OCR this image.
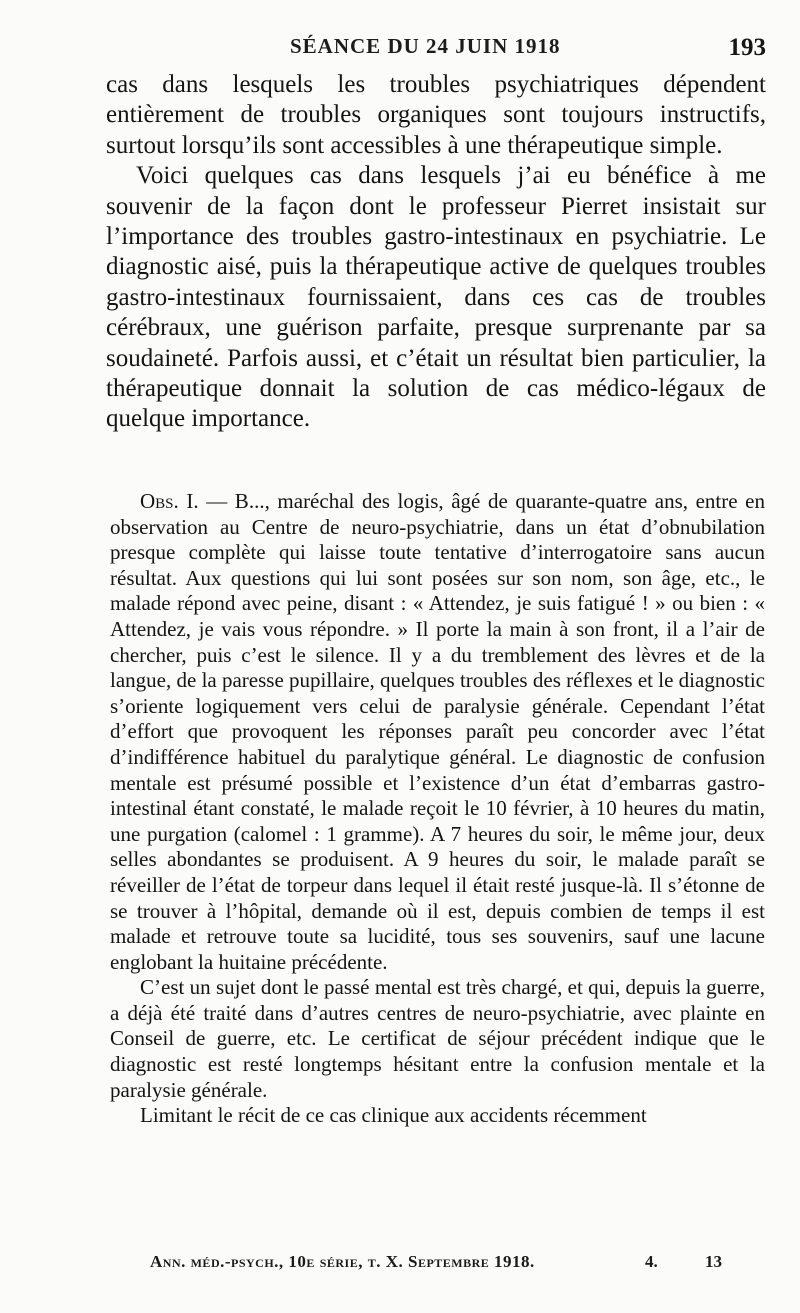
SÉANCE DU 24 JUIN 1918	193

cas dans lesquels les troubles psychiatriques dépendent entièrement de troubles organiques sont toujours instructifs, surtout lorsqu’ils sont accessibles à une thérapeutique simple.

Voici quelques cas dans lesquels j’ai eu bénéfice à me souvenir de la façon dont le professeur Pierret insistait sur l’importance des troubles gastro-intestinaux en psychiatrie. Le diagnostic aisé, puis la thérapeutique active de quelques troubles gastro-intestinaux fournissaient, dans ces cas de troubles cérébraux, une guérison parfaite, presque surprenante par sa soudaineté. Parfois aussi, et c’était un résultat bien particulier, la thérapeutique donnait la solution de cas médico-légaux de quelque importance.

Obs. I. — B..., maréchal des logis, âgé de quarante-quatre ans, entre en observation au Centre de neuro-psychiatrie, dans un état d’obnubilation presque complète qui laisse toute tentative d’interrogatoire sans aucun résultat. Aux questions qui lui sont posées sur son nom, son âge, etc., le malade répond avec peine, disant : « Attendez, je suis fatigué ! » ou bien : « Attendez, je vais vous répondre. » Il porte la main à son front, il a l’air de chercher, puis c’est le silence. Il y a du tremblement des lèvres et de la langue, de la paresse pupillaire, quelques troubles des réflexes et le diagnostic s’oriente logiquement vers celui de paralysie générale. Cependant l’état d’effort que provoquent les réponses paraît peu concorder avec l’état d’indifférence habituel du paralytique général. Le diagnostic de confusion mentale est présumé possible et l’existence d’un état d’embarras gastro-intestinal étant constaté, le malade reçoit le 10 février, à 10 heures du matin, une purgation (calomel : 1 gramme). A 7 heures du soir, le même jour, deux selles abondantes se produisent. A 9 heures du soir, le malade paraît se réveiller de l’état de torpeur dans lequel il était resté jusque-là. Il s’étonne de se trouver à l’hôpital, demande où il est, depuis combien de temps il est malade et retrouve toute sa lucidité, tous ses souvenirs, sauf une lacune englobant la huitaine précédente.

C’est un sujet dont le passé mental est très chargé, et qui, depuis la guerre, a déjà été traité dans d’autres centres de neuro-psychiatrie, avec plainte en Conseil de guerre, etc. Le certificat de séjour précédent indique que le diagnostic est resté longtemps hésitant entre la confusion mentale et la paralysie générale.

Limitant le récit de ce cas clinique aux accidents récemment

Ann. méd.-psych., 10e série, t. X. Septembre 1918.	4.	13
